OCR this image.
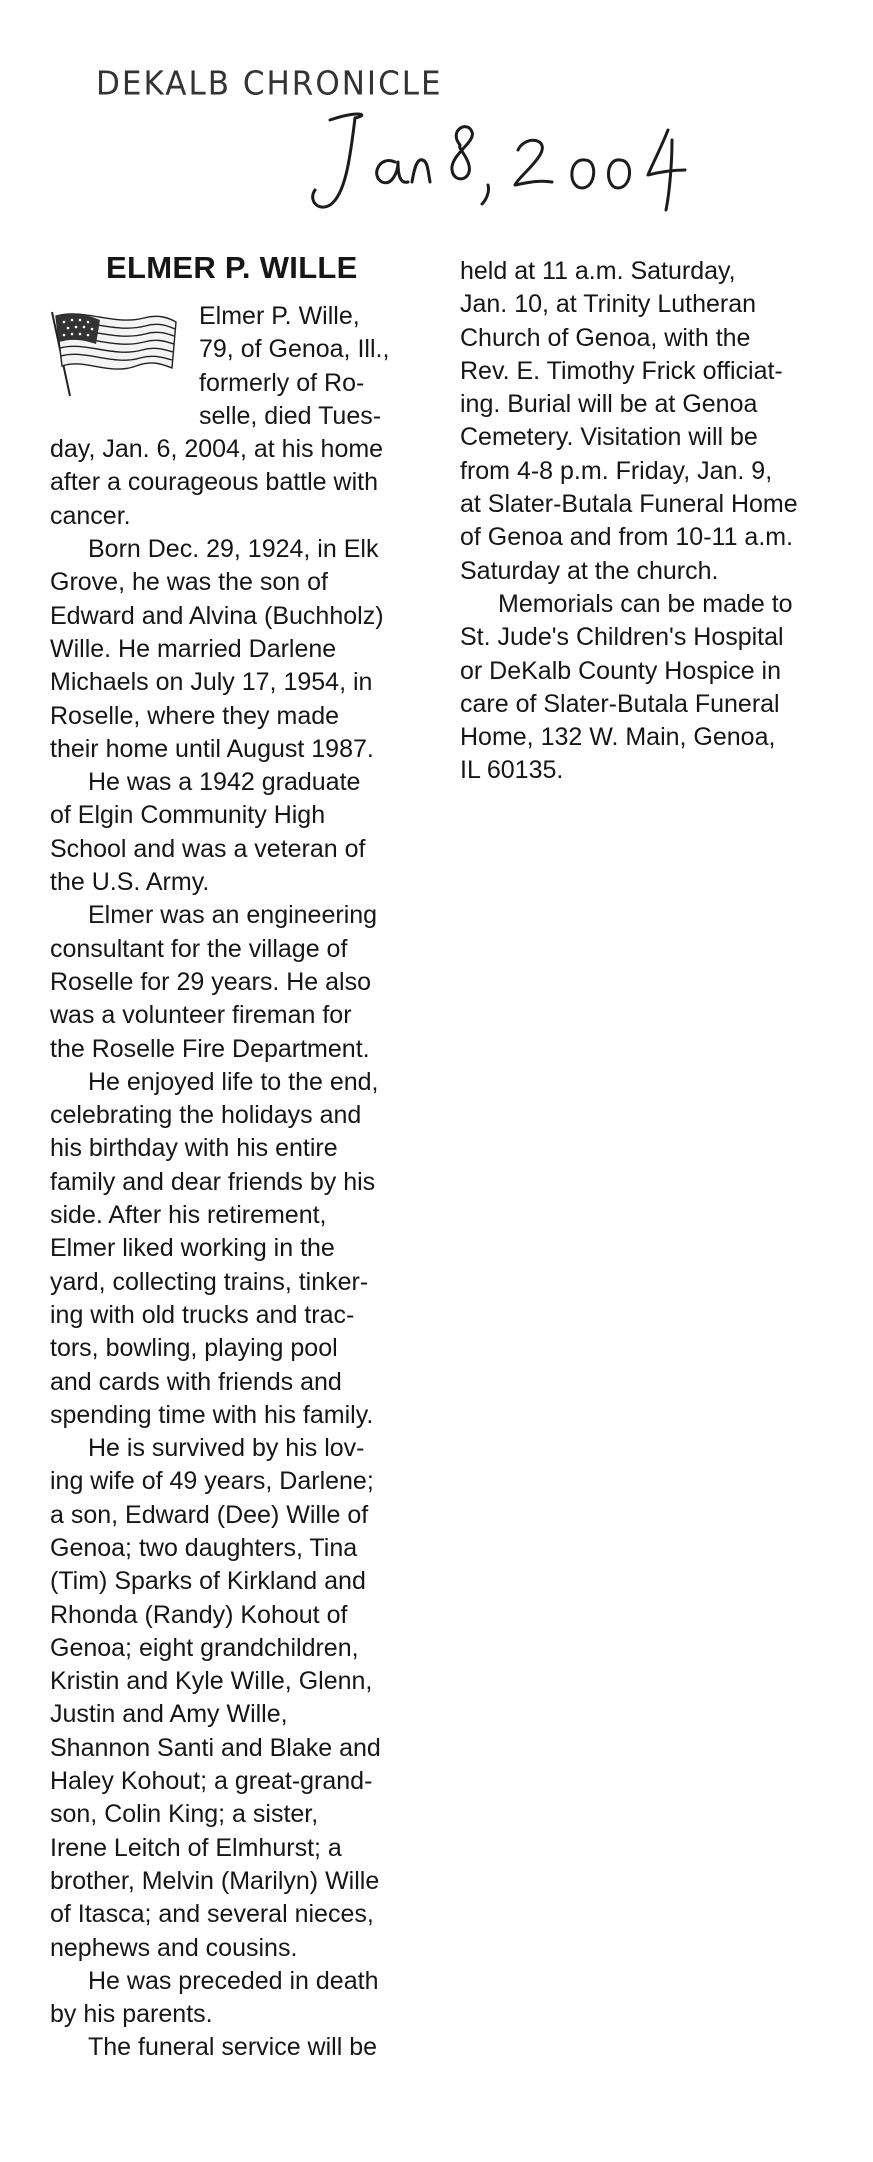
DEKALB CHRONICLE
ELMER P. WILLE
Elmer P. Wille,
79, of Genoa, Ill.,
formerly of Ro-
selle, died Tues-
day, Jan. 6, 2004, at his home
after a courageous battle with
cancer.
Born Dec. 29, 1924, in Elk
Grove, he was the son of
Edward and Alvina (Buchholz)
Wille. He married Darlene
Michaels on July 17, 1954, in
Roselle, where they made
their home until August 1987.
He was a 1942 graduate
of Elgin Community High
School and was a veteran of
the U.S. Army.
Elmer was an engineering
consultant for the village of
Roselle for 29 years. He also
was a volunteer fireman for
the Roselle Fire Department.
He enjoyed life to the end,
celebrating the holidays and
his birthday with his entire
family and dear friends by his
side. After his retirement,
Elmer liked working in the
yard, collecting trains, tinker-
ing with old trucks and trac-
tors, bowling, playing pool
and cards with friends and
spending time with his family.
He is survived by his lov-
ing wife of 49 years, Darlene;
a son, Edward (Dee) Wille of
Genoa; two daughters, Tina
(Tim) Sparks of Kirkland and
Rhonda (Randy) Kohout of
Genoa; eight grandchildren,
Kristin and Kyle Wille, Glenn,
Justin and Amy Wille,
Shannon Santi and Blake and
Haley Kohout; a great-grand-
son, Colin King; a sister,
Irene Leitch of Elmhurst; a
brother, Melvin (Marilyn) Wille
of Itasca; and several nieces,
nephews and cousins.
He was preceded in death
by his parents.
The funeral service will be
held at 11 a.m. Saturday,
Jan. 10, at Trinity Lutheran
Church of Genoa, with the
Rev. E. Timothy Frick officiat-
ing. Burial will be at Genoa
Cemetery. Visitation will be
from 4-8 p.m. Friday, Jan. 9,
at Slater-Butala Funeral Home
of Genoa and from 10-11 a.m.
Saturday at the church.
Memorials can be made to
St. Jude's Children's Hospital
or DeKalb County Hospice in
care of Slater-Butala Funeral
Home, 132 W. Main, Genoa,
IL 60135.
